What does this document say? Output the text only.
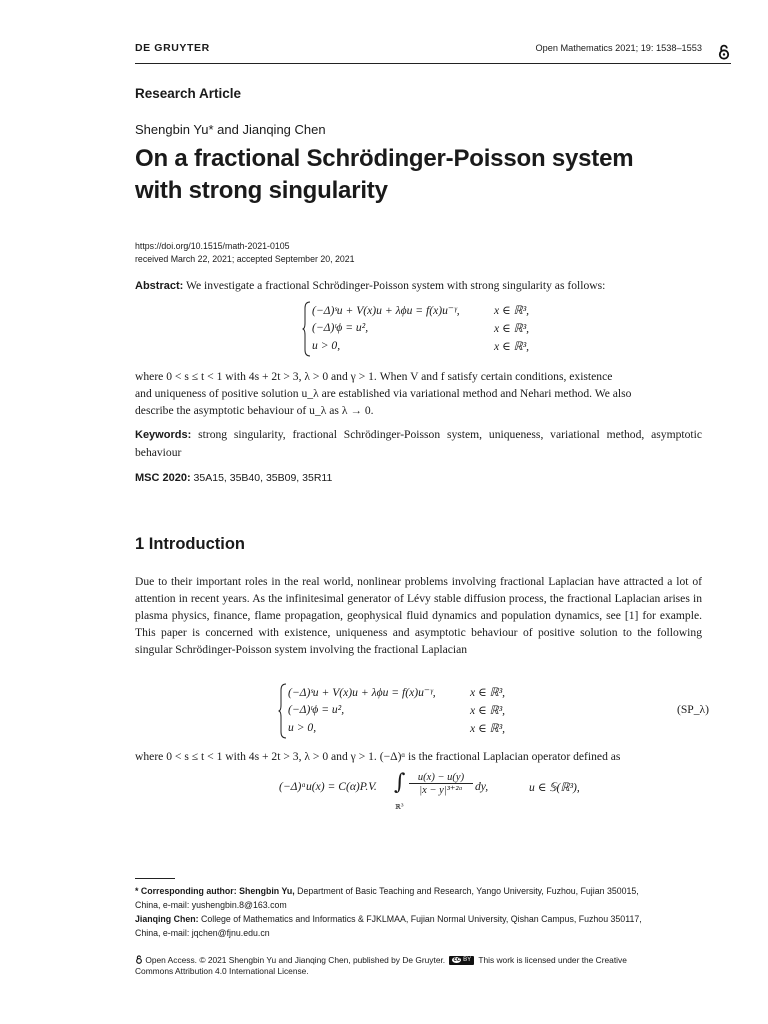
DE GRUYTER	Open Mathematics 2021; 19: 1538–1553
Research Article
Shengbin Yu* and Jianqing Chen
On a fractional Schrödinger-Poisson system
with strong singularity
https://doi.org/10.1515/math-2021-0105
received March 22, 2021; accepted September 20, 2021
Abstract: We investigate a fractional Schrödinger-Poisson system with strong singularity as follows:
(−Δ)ˢu + V(x)u + λϕu = f(x)u⁻ᵞ,	x ∈ ℝ³,
(−Δ)ᵗϕ = u²,	x ∈ ℝ³,
u > 0,	x ∈ ℝ³,
where 0 < s ≤ t < 1 with 4s + 2t > 3, λ > 0 and γ > 1. When V and f satisfy certain conditions, existence
and uniqueness of positive solution u_λ are established via variational method and Nehari method. We also
describe the asymptotic behaviour of u_λ as λ → 0.
Keywords: strong singularity, fractional Schrödinger-Poisson system, uniqueness, variational method, asymptotic behaviour
MSC 2020: 35A15, 35B40, 35B09, 35R11
1 Introduction
Due to their important roles in the real world, nonlinear problems involving fractional Laplacian have attracted a lot of attention in recent years. As the infinitesimal generator of Lévy stable diffusion process, the fractional Laplacian arises in plasma physics, finance, flame propagation, geophysical fluid dynamics and population dynamics, see [1] for example. This paper is concerned with existence, uniqueness and asymptotic behaviour of positive solution to the following singular Schrödinger-Poisson system involving the fractional Laplacian
(−Δ)ˢu + V(x)u + λϕu = f(x)u⁻ᵞ,	x ∈ ℝ³,
(−Δ)ᵗϕ = u²,	x ∈ ℝ³,
u > 0,	x ∈ ℝ³,
(SP_λ)
where 0 < s ≤ t < 1 with 4s + 2t > 3, λ > 0 and γ > 1. (−Δ)ᵅ is the fractional Laplacian operator defined as
(−Δ)ᵅu(x) = C(α)P.V. ∫
ℝ³
$\frac{u(x) - u(y)}{\text{|x − y|³⁺²ᵅ}}$ dy,	u ∈ 𝕊(ℝ³),
* Corresponding author: Shengbin Yu, Department of Basic Teaching and Research, Yango University, Fuzhou, Fujian 350015,
China, e-mail: yushengbin.8@163.com
Jianqing Chen: College of Mathematics and Informatics & FJKLMAA, Fujian Normal University, Qishan Campus, Fuzhou 350117,
China, e-mail: jqchen@fjnu.edu.cn
Open Access. © 2021 Shengbin Yu and Jianqing Chen, published by De Gruyter. cc BY This work is licensed under the Creative
Commons Attribution 4.0 International License.
